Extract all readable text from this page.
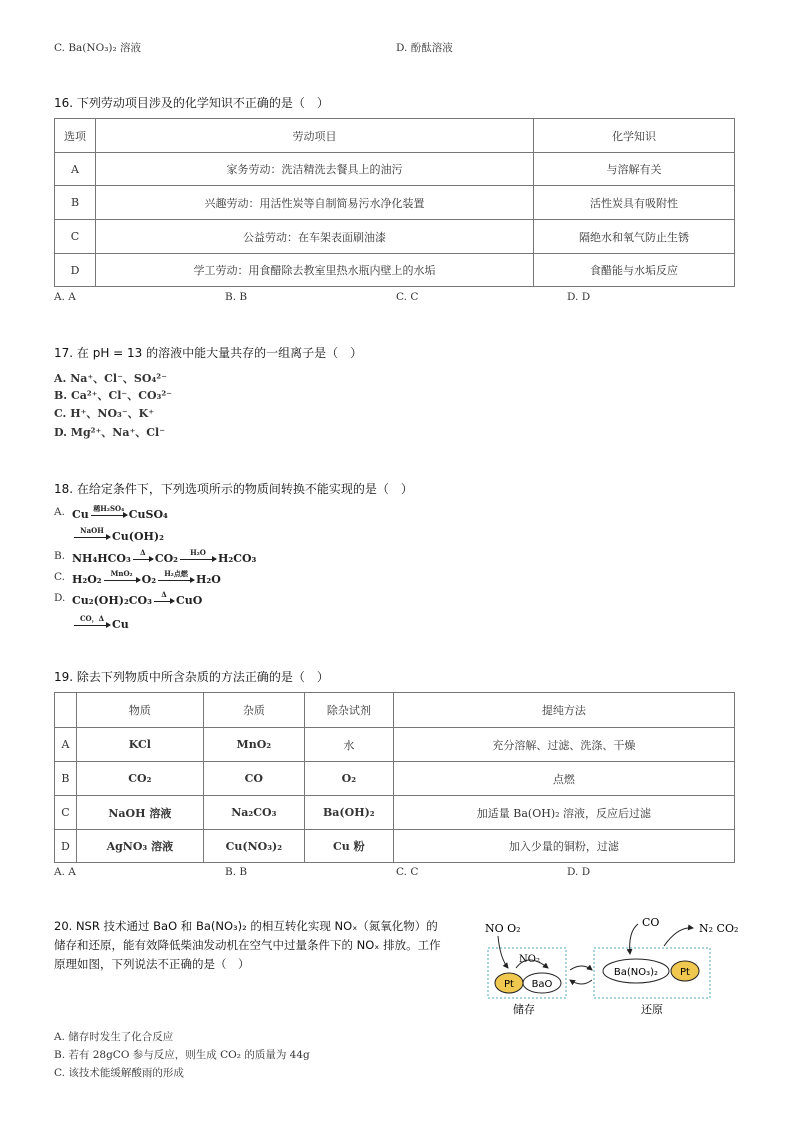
C. Ba(NO₃)₂ 溶液	D. 酚酞溶液
16. 下列劳动项目涉及的化学知识不正确的是（　）
选项	劳动项目	化学知识
A	家务劳动：洗洁精洗去餐具上的油污	与溶解有关
B	兴趣劳动：用活性炭等自制简易污水净化装置	活性炭具有吸附性
C	公益劳动：在车架表面刷油漆	隔绝水和氧气防止生锈
D	学工劳动：用食醋除去教室里热水瓶内壁上的水垢	食醋能与水垢反应
A. A	B. B	C. C	D. D
17. 在 pH = 13 的溶液中能大量共存的一组离子是（　）
A. Na⁺、Cl⁻、SO₄²⁻
B. Ca²⁺、Cl⁻、CO₃²⁻
C. H⁺、NO₃⁻、K⁺
D. Mg²⁺、Na⁺、Cl⁻
18. 在给定条件下，下列选项所示的物质间转换不能实现的是（　）
A. Cu 稀H₂SO₄ CuSO₄
NaOH Cu(OH)₂
B. NH₄HCO₃	Δ CO₂	H₂O	H₂CO₃
C. H₂O₂	MnO₂ O₂	H₂点燃 H₂O
D. Cu₂(OH)₂CO₃	Δ CuO
CO，Δ Cu
19. 除去下列物质中所含杂质的方法正确的是（　）
	物质	杂质	除杂试剂	提纯方法
A	KCl	MnO₂	水	充分溶解、过滤、洗涤、干燥
B	CO₂	CO	O₂	点燃
C	NaOH 溶液	Na₂CO₃	Ba(OH)₂	加适量 Ba(OH)₂ 溶液，反应后过滤
D	AgNO₃ 溶液	Cu(NO₃)₂	Cu 粉	加入少量的铜粉，过滤
A. A	B. B	C. C	D. D
20. NSR 技术通过 BaO 和 Ba(NO₃)₂ 的相互转化实现 NOₓ（氮氧化物）的
储存和还原，能有效降低柴油发动机在空气中过量条件下的 NOₓ 排放。工作
原理如图，下列说法不正确的是（　）
NO O₂
NO₂
Pt BaO
Ba(NO₃)₂ Pt
CO	N₂ CO₂
储存	还原
A. 储存时发生了化合反应
B. 若有 28gCO 参与反应，则生成 CO₂ 的质量为 44g
C. 该技术能缓解酸雨的形成
